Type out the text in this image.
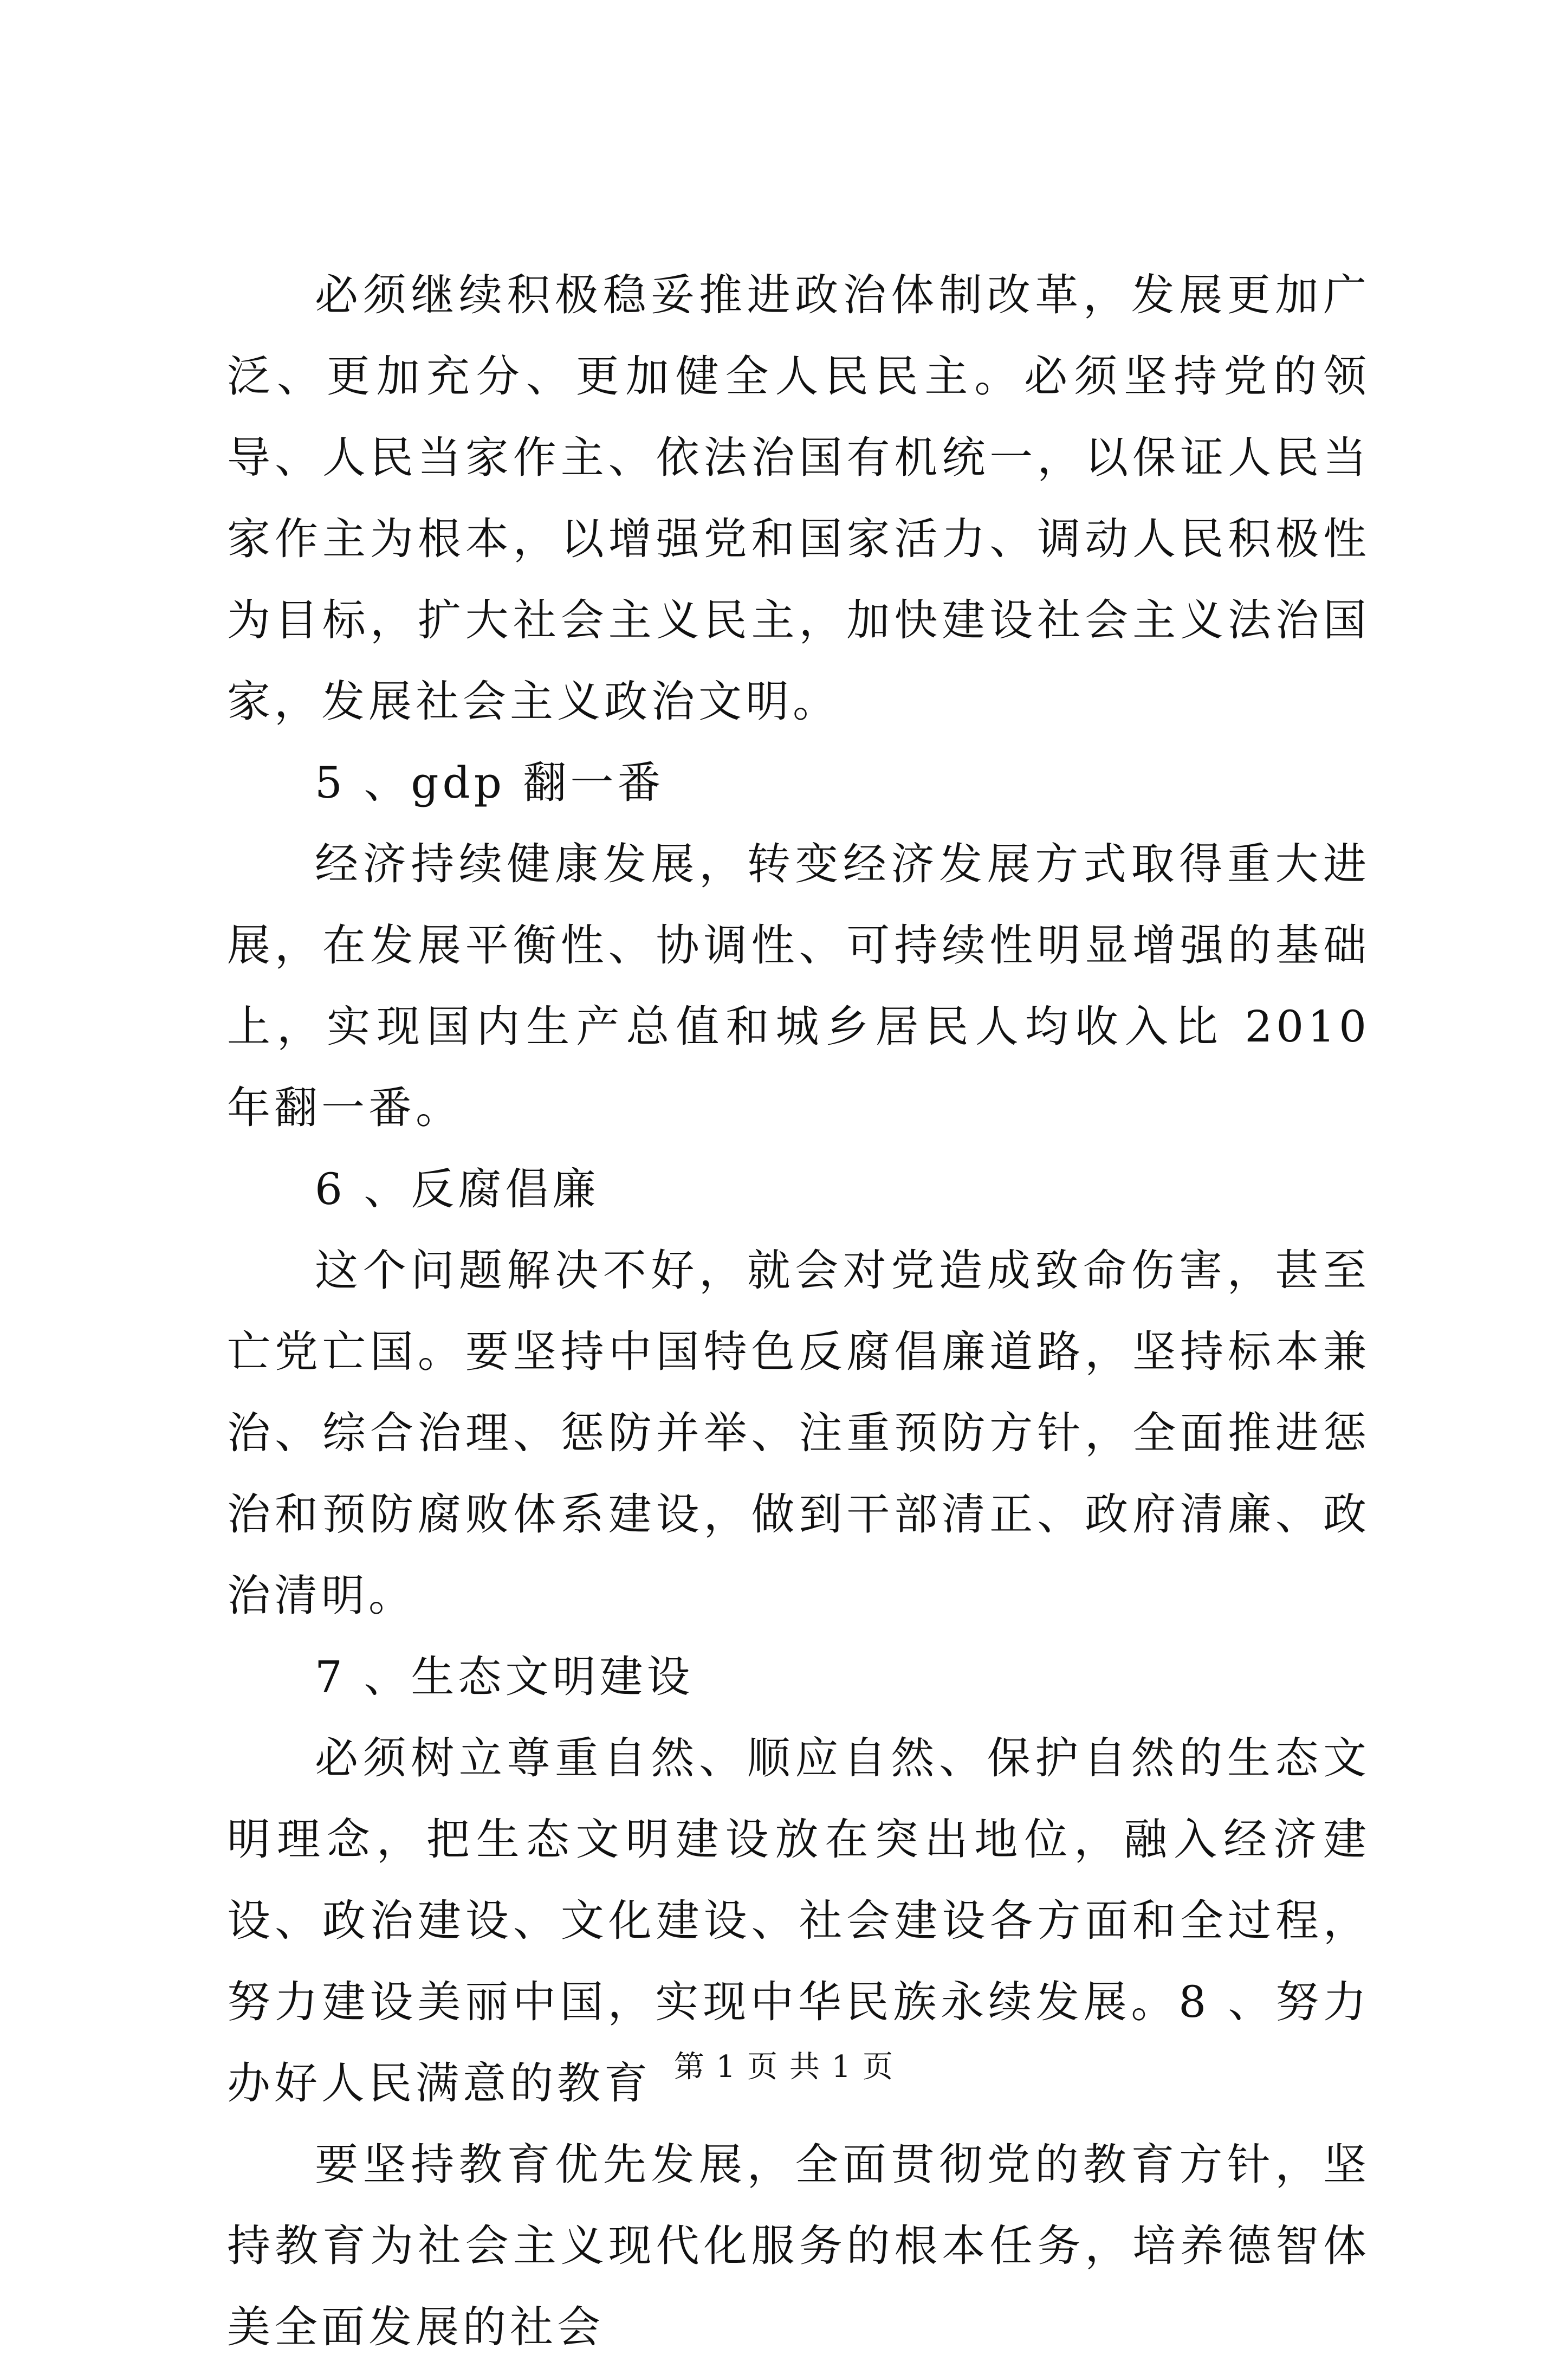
必须继续积极稳妥推进政治体制改革，发展更加广泛、更加充分、更加健全人民民主。必须坚持党的领导、人民当家作主、依法治国有机统一，以保证人民当家作主为根本，以增强党和国家活力、调动人民积极性为目标，扩大社会主义民主，加快建设社会主义法治国家，发展社会主义政治文明。

5 、gdp 翻一番

经济持续健康发展，转变经济发展方式取得重大进展，在发展平衡性、协调性、可持续性明显增强的基础上，实现国内生产总值和城乡居民人均收入比 2010 年翻一番。

6 、反腐倡廉

这个问题解决不好，就会对党造成致命伤害，甚至亡党亡国。要坚持中国特色反腐倡廉道路，坚持标本兼治、综合治理、惩防并举、注重预防方针，全面推进惩治和预防腐败体系建设，做到干部清正、政府清廉、政治清明。

7 、生态文明建设

必须树立尊重自然、顺应自然、保护自然的生态文明理念，把生态文明建设放在突出地位，融入经济建设、政治建设、文化建设、社会建设各方面和全过程，努力建设美丽中国，实现中华民族永续发展。8 、努力办好人民满意的教育

要坚持教育优先发展，全面贯彻党的教育方针，坚持教育为社会主义现代化服务的根本任务，培养德智体美全面发展的社会

第 1 页 共 1 页
